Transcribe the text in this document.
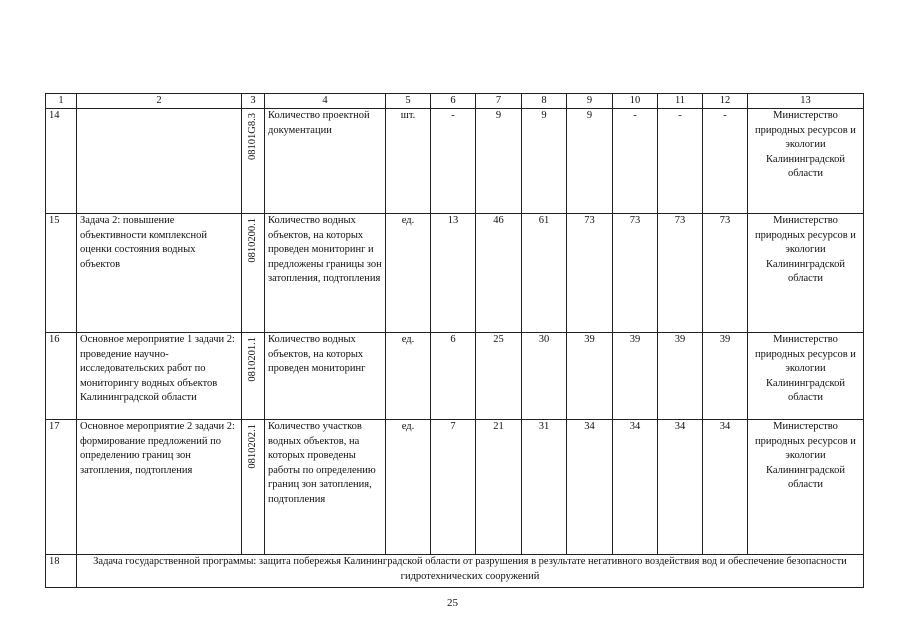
1	2	3	4	5	6	7	8	9	10	11	12	13
14		08101G8.3	Количество проектной документации	шт.	-	9	9	9	-	-	-	Министерство природных ресурсов и экологии Калининградской области
15	Задача 2: повышение объективности комплексной оценки состояния водных объектов	0810200.1	Количество водных объектов, на которых проведен мониторинг и предложены границы зон затопления, подтопления	ед.	13	46	61	73	73	73	73	Министерство природных ресурсов и экологии Калининградской области
16	Основное мероприятие 1 задачи 2: проведение научно-исследовательских работ по мониторингу водных объектов Калининградской области	0810201.1	Количество водных объектов, на которых проведен мониторинг	ед.	6	25	30	39	39	39	39	Министерство природных ресурсов и экологии Калининградской области
17	Основное мероприятие 2 задачи 2: формирование предложений по определению границ зон затопления, подтопления	0810202.1	Количество участков водных объектов, на которых проведены работы по определению границ зон затопления, подтопления	ед.	7	21	31	34	34	34	34	Министерство природных ресурсов и экологии Калининградской области
18	Задача государственной программы: защита побережья Калининградской области от разрушения в результате негативного воздействия вод и обеспечение безопасности гидротехнических сооружений											
25
